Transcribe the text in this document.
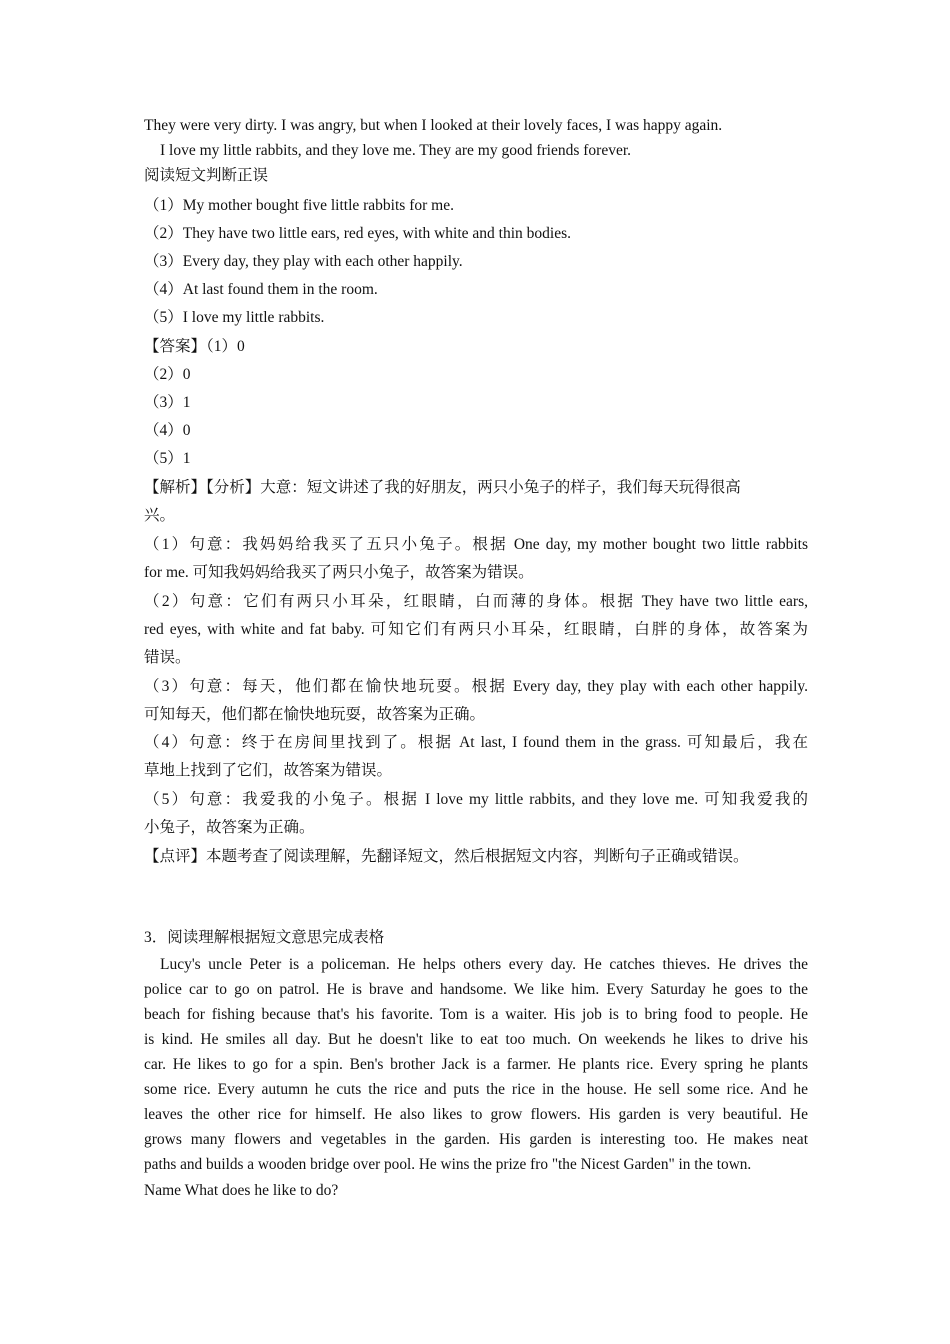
They were very dirty. I was angry, but when I looked at their lovely faces, I was happy again.
I love my little rabbits, and they love me. They are my good friends forever.
阅读短文判断正误
（1）My mother bought five little rabbits for me.
（2）They have two little ears, red eyes, with white and thin bodies.
（3）Every day, they play with each other happily.
（4）At last found them in the room.
（5）I love my little rabbits.
【答案】（1）0
（2）0
（3）1
（4）0
（5）1
【解析】【分析】大意：短文讲述了我的好朋友，两只小兔子的样子，我们每天玩得很高
兴。
（1）句意：我妈妈给我买了五只小兔子。根据 One day, my mother bought two little rabbits
for me. 可知我妈妈给我买了两只小兔子，故答案为错误。
（2）句意：它们有两只小耳朵，红眼睛，白而薄的身体。根据 They have two little ears,
red eyes, with white and fat baby. 可知它们有两只小耳朵，红眼睛，白胖的身体，故答案为
错误。
（3）句意：每天，他们都在愉快地玩耍。根据 Every day, they play with each other happily.
可知每天，他们都在愉快地玩耍，故答案为正确。
（4）句意：终于在房间里找到了。根据 At last, I found them in the grass. 可知最后，我在
草地上找到了它们，故答案为错误。
（5）句意：我爱我的小兔子。根据 I love my little rabbits, and they love me. 可知我爱我的
小兔子，故答案为正确。
【点评】本题考查了阅读理解，先翻译短文，然后根据短文内容，判断句子正确或错误。
3．阅读理解根据短文意思完成表格
Lucy's uncle Peter is a policeman. He helps others every day. He catches thieves. He drives the
police car to go on patrol. He is brave and handsome. We like him. Every Saturday he goes to the
beach for fishing because that's his favorite. Tom is a waiter. His job is to bring food to people. He
is kind. He smiles all day. But he doesn't like to eat too much. On weekends he likes to drive his
car. He likes to go for a spin. Ben's brother Jack is a farmer. He plants rice. Every spring he plants
some rice. Every autumn he cuts the rice and puts the rice in the house. He sell some rice. And he
leaves the other rice for himself. He also likes to grow flowers. His garden is very beautiful. He
grows many flowers and vegetables in the garden. His garden is interesting too. He makes neat
paths and builds a wooden bridge over pool. He wins the prize fro "the Nicest Garden" in the town.
Name What does he like to do?
